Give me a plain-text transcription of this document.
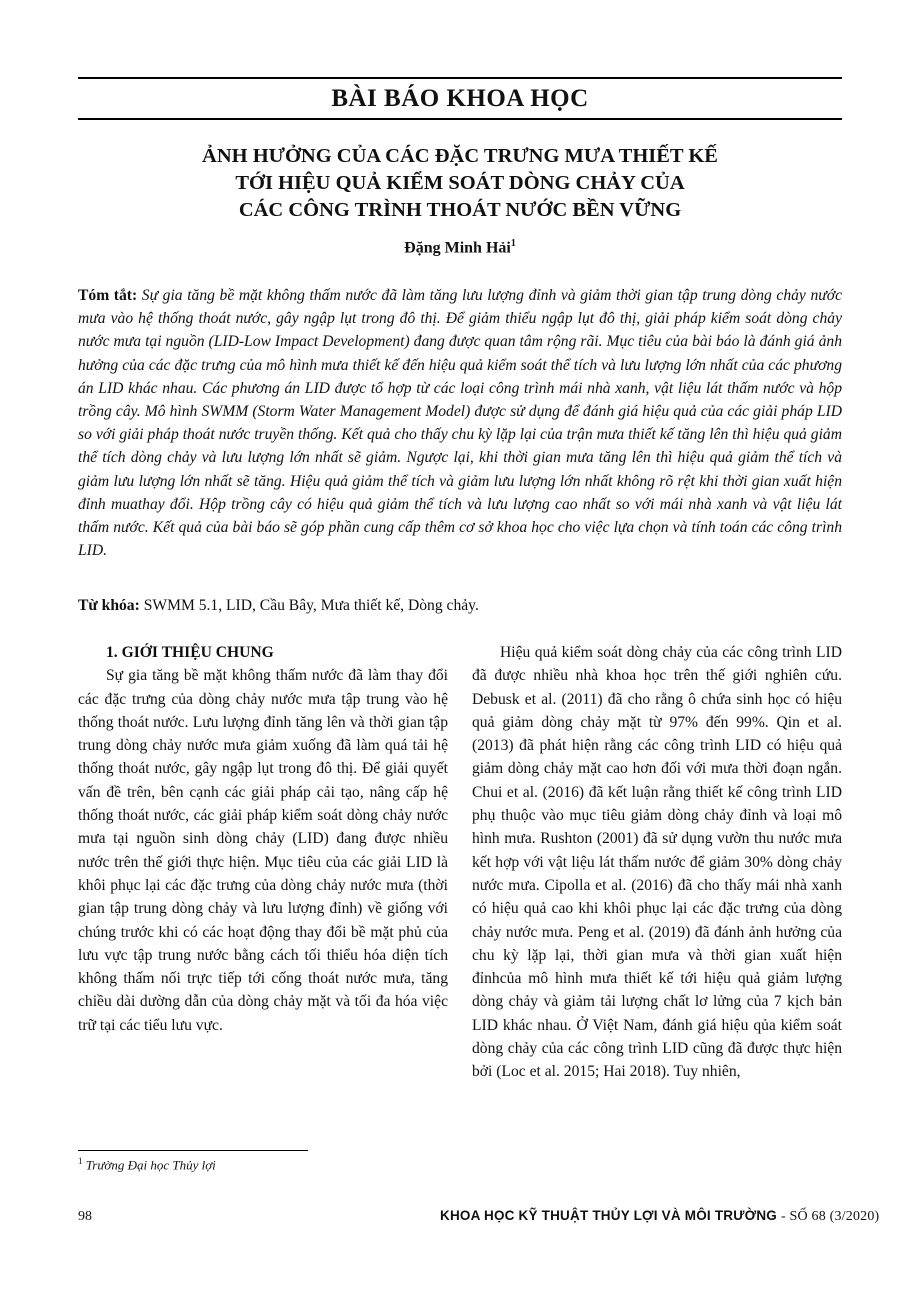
BÀI BÁO KHOA HỌC
ẢNH HƯỞNG CỦA CÁC ĐẶC TRƯNG MƯA THIẾT KẾ
TỚI HIỆU QUẢ KIỂM SOÁT DÒNG CHẢY CỦA
CÁC CÔNG TRÌNH THOÁT NƯỚC BỀN VỮNG
Đặng Minh Hải$^1$
Tóm tắt: Sự gia tăng bề mặt không thấm nước đã làm tăng lưu lượng đỉnh và giảm thời gian tập trung dòng chảy nước mưa vào hệ thống thoát nước, gây ngập lụt trong đô thị. Để giảm thiểu ngập lụt đô thị, giải pháp kiểm soát dòng chảy nước mưa tại nguồn (LID-Low Impact Development) đang được quan tâm rộng rãi. Mục tiêu của bài báo là đánh giá ảnh hưởng của các đặc trưng của mô hình mưa thiết kế đến hiệu quả kiểm soát thể tích và lưu lượng lớn nhất của các phương án LID khác nhau. Các phương án LID được tổ hợp từ các loại công trình mái nhà xanh, vật liệu lát thấm nước và hộp trồng cây. Mô hình SWMM (Storm Water Management Model) được sử dụng để đánh giá hiệu quả của các giải pháp LID so với giải pháp thoát nước truyền thống. Kết quả cho thấy chu kỳ lặp lại của trận mưa thiết kế tăng lên thì hiệu quả giảm thể tích dòng chảy và lưu lượng lớn nhất sẽ giảm. Ngược lại, khi thời gian mưa tăng lên thì hiệu quả giảm thể tích và giảm lưu lượng lớn nhất sẽ tăng. Hiệu quả giảm thể tích và giảm lưu lượng lớn nhất không rõ rệt khi thời gian xuất hiện đỉnh muathay đổi. Hộp trồng cây có hiệu quả giảm thể tích và lưu lượng cao nhất so với mái nhà xanh và vật liệu lát thấm nước. Kết quả của bài báo sẽ góp phần cung cấp thêm cơ sở khoa học cho việc lựa chọn và tính toán các công trình LID.
Từ khóa: SWMM 5.1, LID, Cầu Bây, Mưa thiết kế, Dòng chảy.
1. GIỚI THIỆU CHUNG

Sự gia tăng bề mặt không thấm nước đã làm thay đổi các đặc trưng của dòng chảy nước mưa tập trung vào hệ thống thoát nước. Lưu lượng đỉnh tăng lên và thời gian tập trung dòng chảy nước mưa giảm xuống đã làm quá tải hệ thống thoát nước, gây ngập lụt trong đô thị. Để giải quyết vấn đề trên, bên cạnh các giải pháp cải tạo, nâng cấp hệ thống thoát nước, các giải pháp kiểm soát dòng chảy nước mưa tại nguồn sinh dòng chảy (LID) đang được nhiều nước trên thế giới thực hiện. Mục tiêu của các giải LID là khôi phục lại các đặc trưng của dòng chảy nước mưa (thời gian tập trung dòng chảy và lưu lượng đỉnh) về giống với chúng trước khi có các hoạt động thay đổi bề mặt phủ của lưu vực tập trung nước bằng cách tối thiểu hóa diện tích không thấm nối trực tiếp tới cống thoát nước mưa, tăng chiều dài dường dẫn của dòng chảy mặt và tối đa hóa việc trữ tại các tiểu lưu vực.

Hiệu quả kiểm soát dòng chảy của các công trình LID đã được nhiều nhà khoa học trên thế giới nghiên cứu. Debusk et al. (2011) đã cho rằng ô chứa sinh học có hiệu quả giảm dòng chảy mặt từ 97% đến 99%. Qin et al. (2013) đã phát hiện rằng các công trình LID có hiệu quả giảm dòng chảy mặt cao hơn đối với mưa thời đoạn ngắn. Chui et al. (2016) đã kết luận rằng thiết kế công trình LID phụ thuộc vào mục tiêu giảm dòng chảy đỉnh và loại mô hình mưa. Rushton (2001) đã sử dụng vườn thu nước mưa kết hợp với vật liệu lát thấm nước để giảm 30% dòng chảy nước mưa. Cipolla et al. (2016) đã cho thấy mái nhà xanh có hiệu quả cao khi khôi phục lại các đặc trưng của dòng chảy nước mưa. Peng et al. (2019) đã đánh ảnh hưởng của chu kỳ lặp lại, thời gian mưa và thời gian xuất hiện đỉnhcủa mô hình mưa thiết kế tới hiệu quả giảm lượng dòng chảy và giảm tải lượng chất lơ lửng của 7 kịch bản LID khác nhau. Ở Việt Nam, đánh giá hiệu qủa kiểm soát dòng chảy của các công trình LID cũng đã được thực hiện bởi (Loc et al. 2015; Hai 2018). Tuy nhiên,

$^1$ Trường Đại học Thủy lợi
98	KHOA HỌC KỸ THUẬT THỦY LỢI VÀ MÔI TRƯỜNG - SỐ 68 (3/2020)
